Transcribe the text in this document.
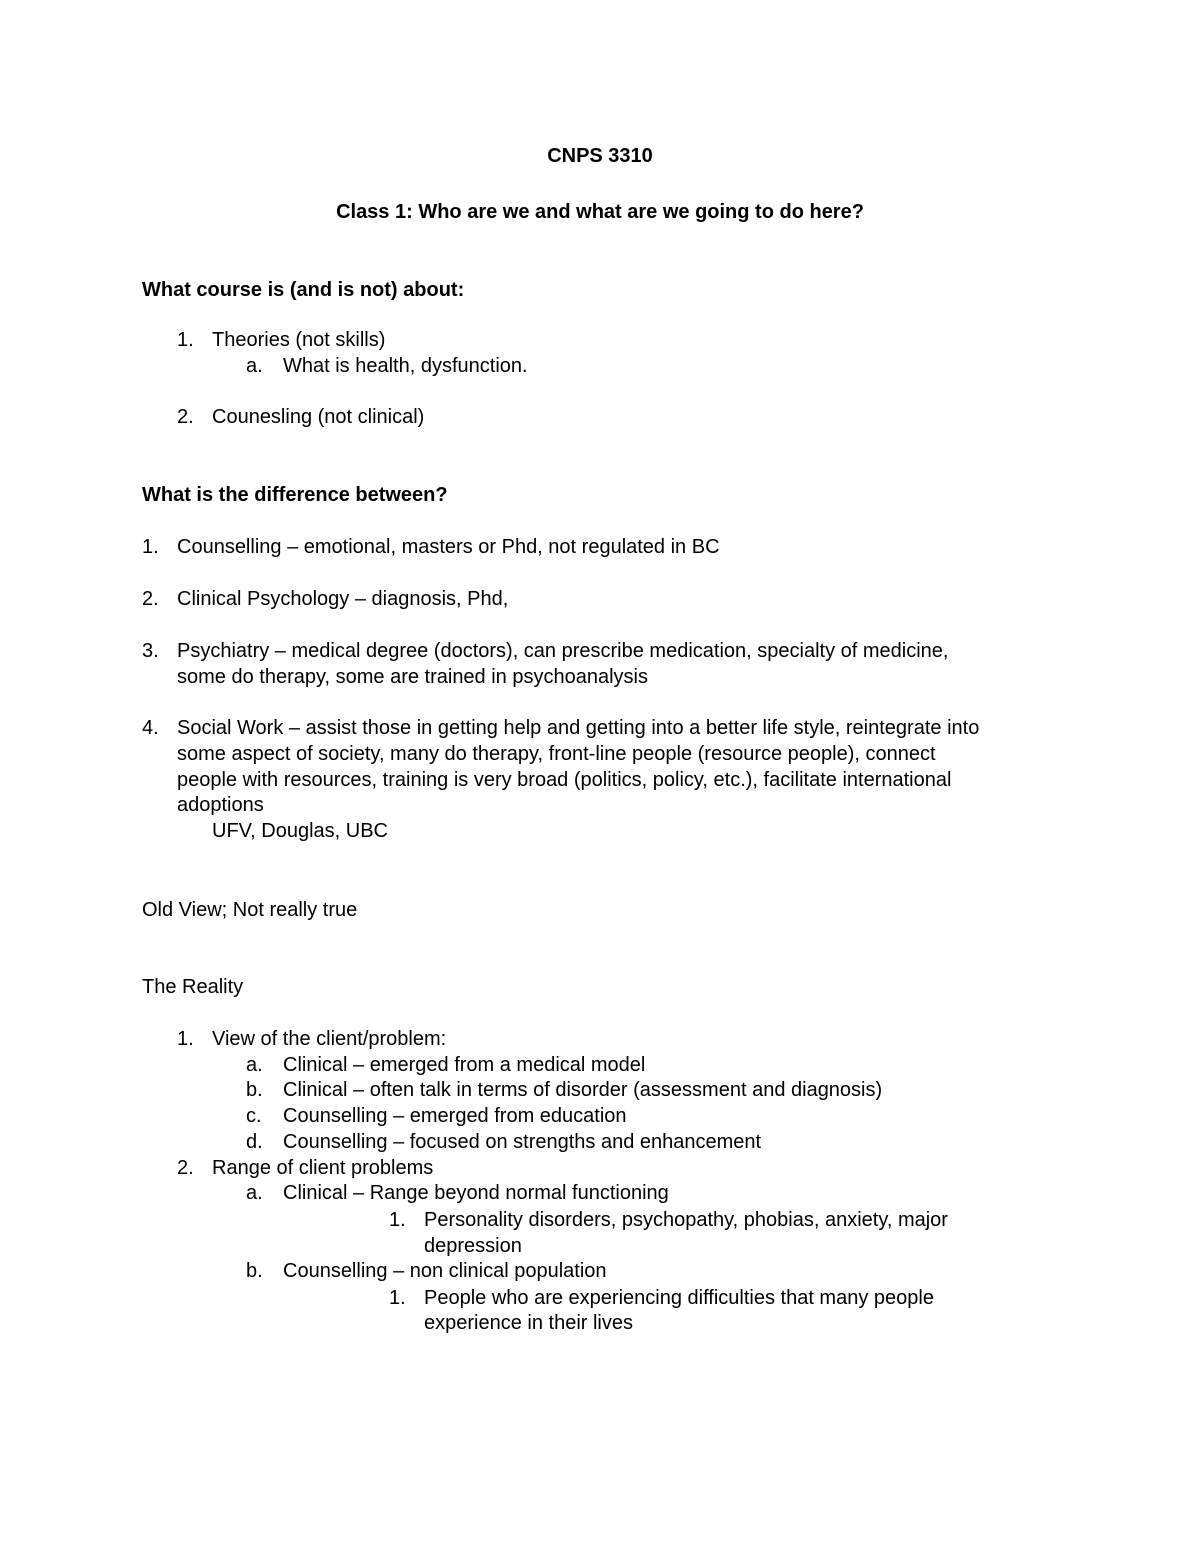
CNPS 3310
Class 1: Who are we and what are we going to do here?
What course is (and is not) about:
1. Theories (not skills)
a. What is health, dysfunction.
2. Counesling (not clinical)
What is the difference between?
1. Counselling – emotional, masters or Phd, not regulated in BC
2. Clinical Psychology – diagnosis, Phd,
3. Psychiatry – medical degree (doctors), can prescribe medication, specialty of medicine,
some do therapy, some are trained in psychoanalysis
4. Social Work – assist those in getting help and getting into a better life style, reintegrate into
some aspect of society, many do therapy, front-line people (resource people), connect
people with resources, training is very broad (politics, policy, etc.), facilitate international
adoptions
UFV, Douglas, UBC
Old View; Not really true
The Reality
1. View of the client/problem:
a. Clinical – emerged from a medical model
b. Clinical – often talk in terms of disorder (assessment and diagnosis)
c. Counselling – emerged from education
d. Counselling – focused on strengths and enhancement
2. Range of client problems
a. Clinical – Range beyond normal functioning
1. Personality disorders, psychopathy, phobias, anxiety, major
depression
b. Counselling – non clinical population
1. People who are experiencing difficulties that many people
experience in their lives
